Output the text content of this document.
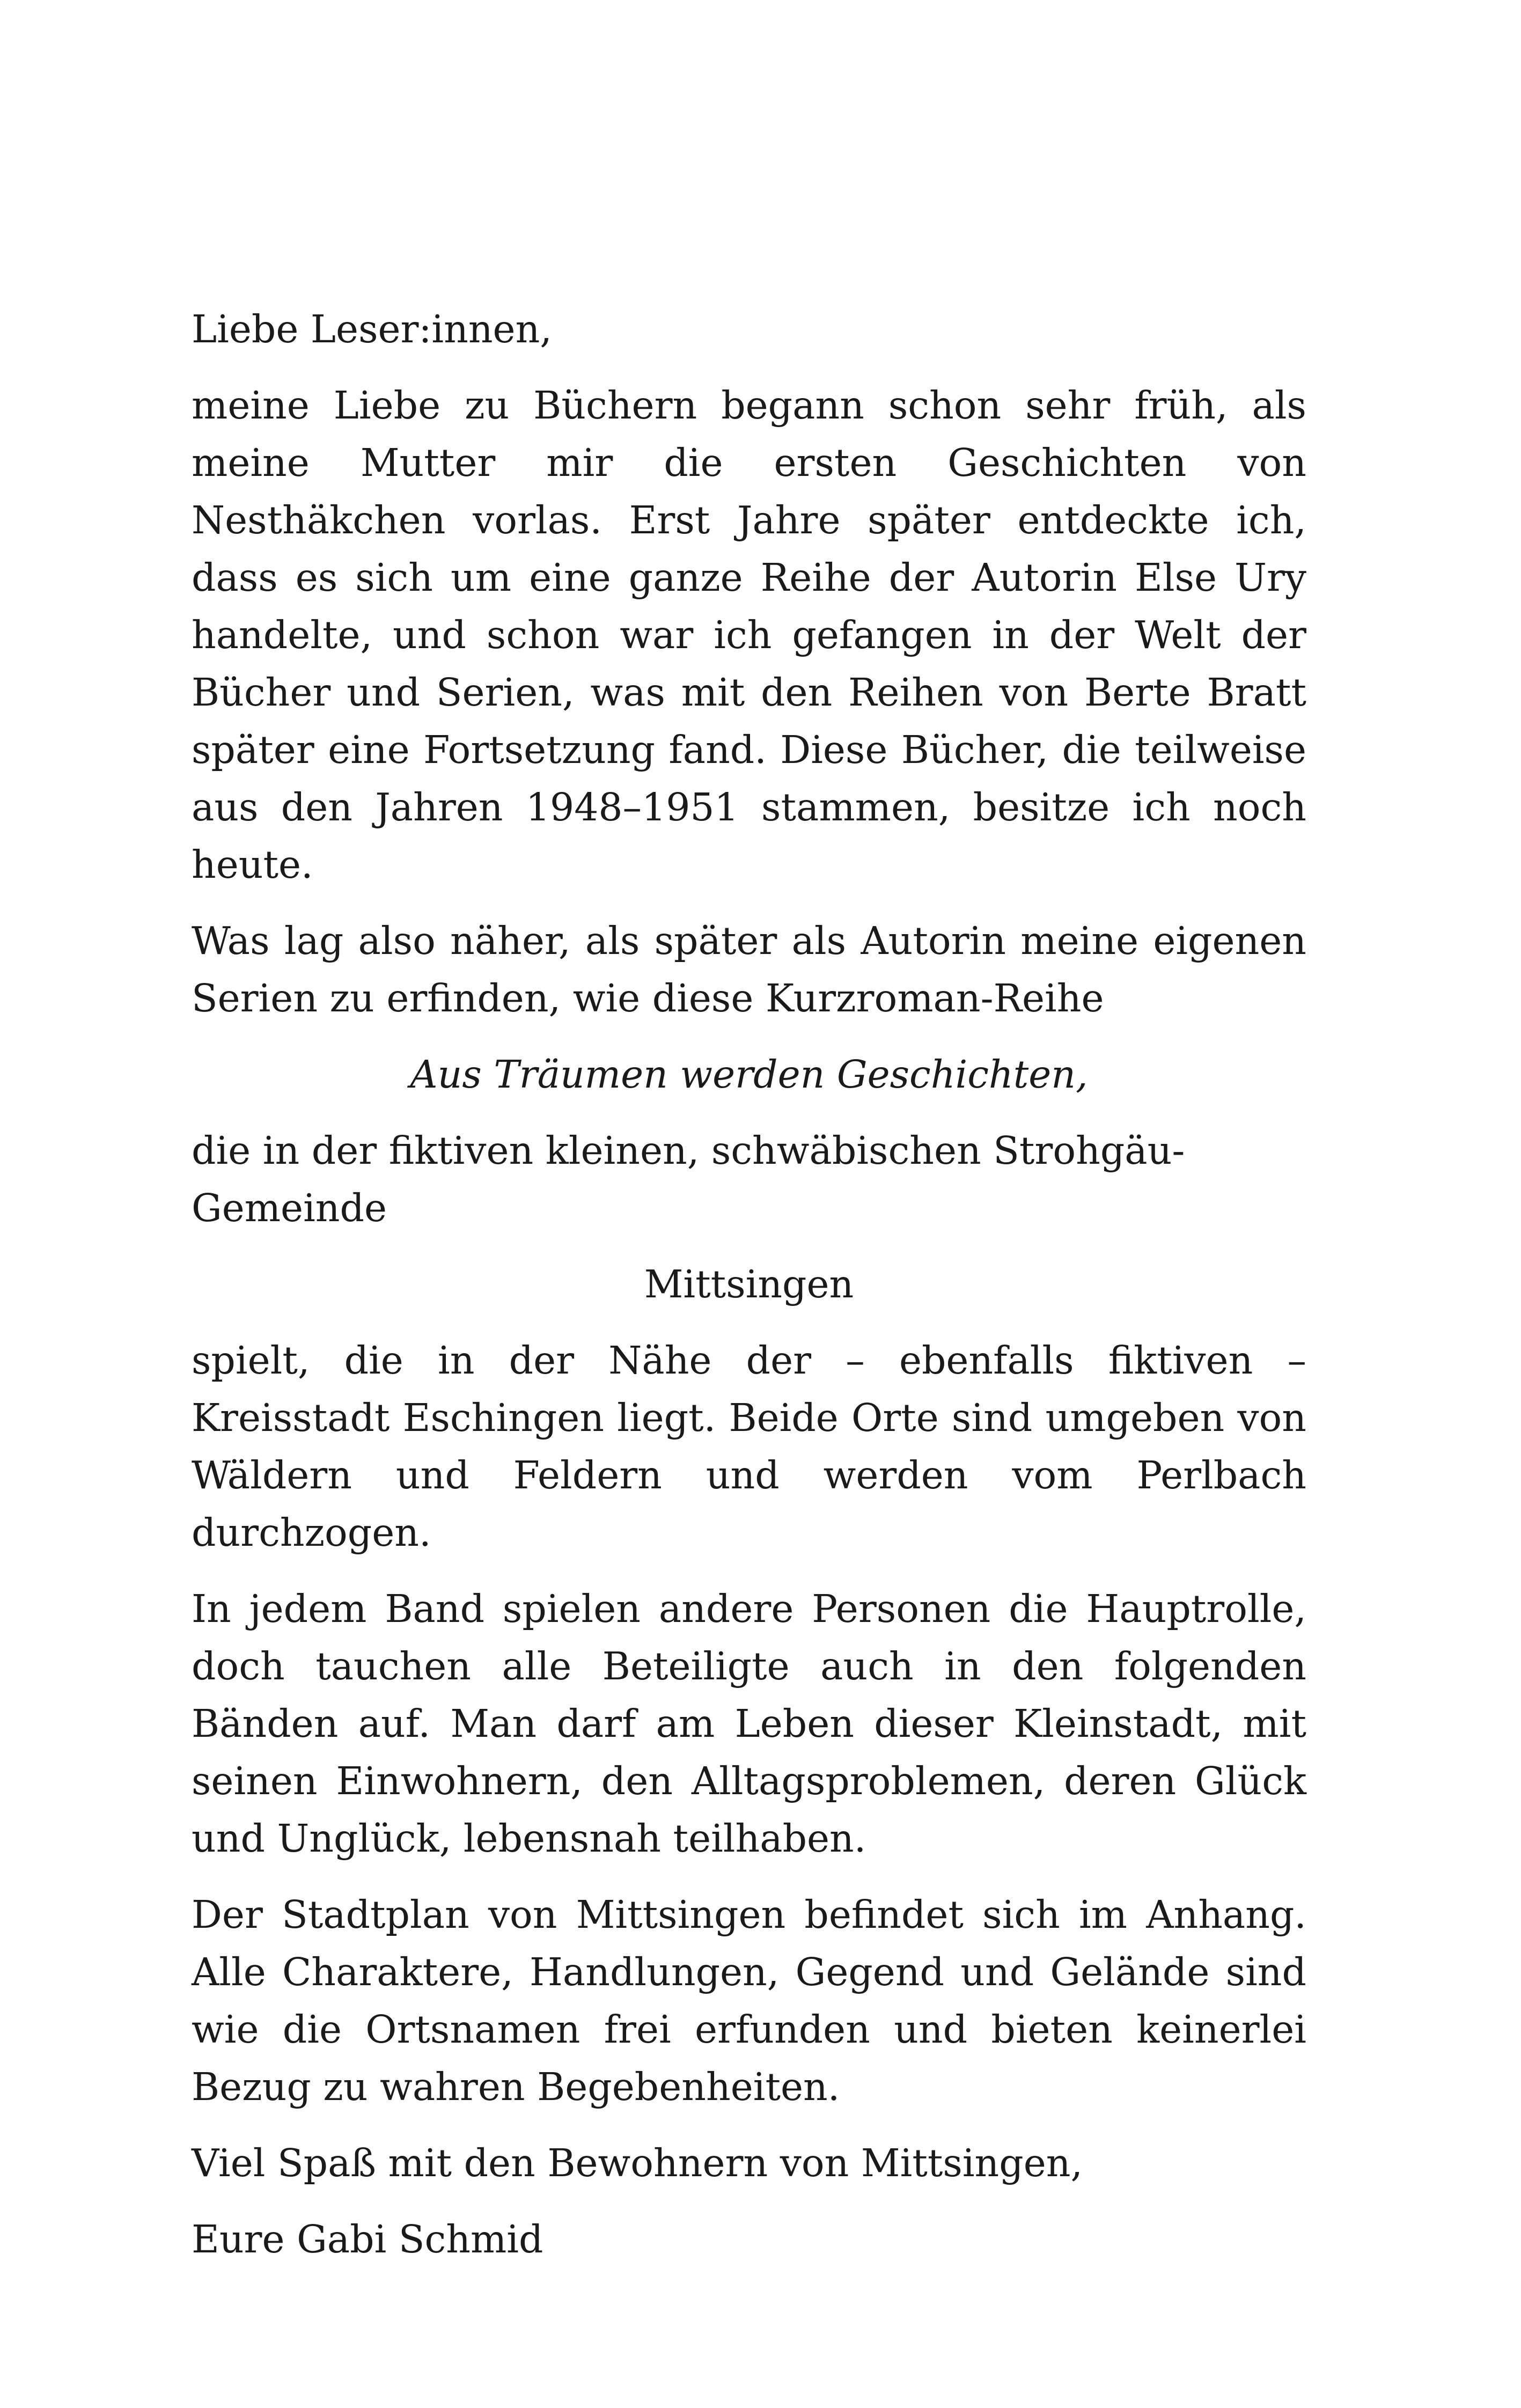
Liebe Leser:innen,

meine Liebe zu Büchern begann schon sehr früh, als meine Mutter mir die ersten Geschichten von Nesthäkchen vorlas. Erst Jahre später entdeckte ich, dass es sich um eine ganze Reihe der Autorin Else Ury handelte, und schon war ich gefangen in der Welt der Bücher und Serien, was mit den Reihen von Berte Bratt später eine Fortsetzung fand. Diese Bücher, die teilweise aus den Jahren 1948–1951 stammen, besitze ich noch heute.

Was lag also näher, als später als Autorin meine eigenen Serien zu erfinden, wie diese Kurzroman-Reihe

Aus Träumen werden Geschichten,

die in der fiktiven kleinen, schwäbischen Strohgäu-Gemeinde

Mittsingen

spielt, die in der Nähe der – ebenfalls fiktiven – Kreisstadt Eschingen liegt. Beide Orte sind umgeben von Wäldern und Feldern und werden vom Perlbach durchzogen.

In jedem Band spielen andere Personen die Hauptrolle, doch tauchen alle Beteiligte auch in den folgenden Bänden auf. Man darf am Leben dieser Kleinstadt, mit seinen Einwohnern, den Alltagsproblemen, deren Glück und Unglück, lebensnah teilhaben.

Der Stadtplan von Mittsingen befindet sich im Anhang. Alle Charaktere, Handlungen, Gegend und Gelände sind wie die Ortsnamen frei erfunden und bieten keinerlei Bezug zu wahren Begebenheiten.

Viel Spaß mit den Bewohnern von Mittsingen,

Eure Gabi Schmid
